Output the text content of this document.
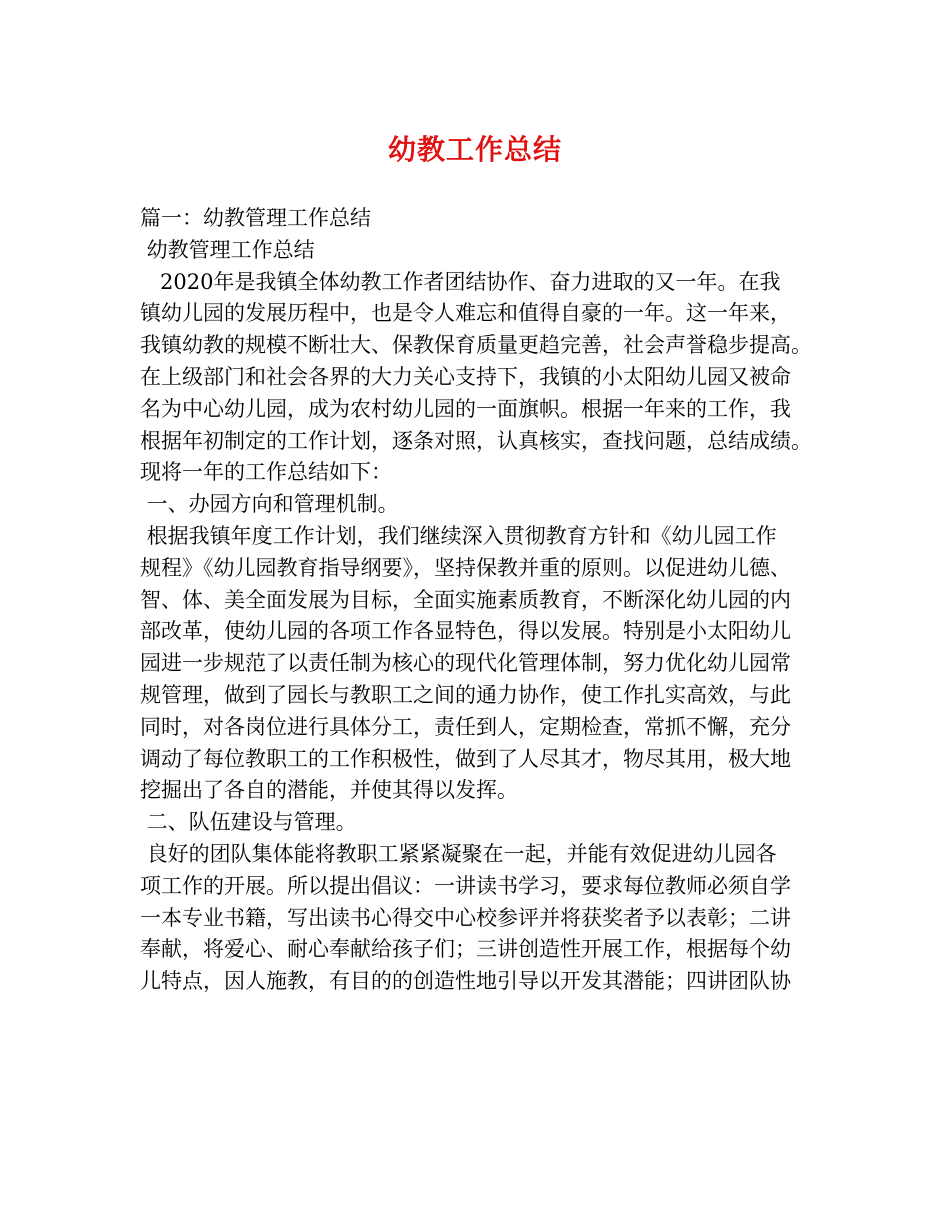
幼教工作总结
篇一：幼教管理工作总结
幼教管理工作总结
2020年是我镇全体幼教工作者团结协作、奋力进取的又一年。在我
镇幼儿园的发展历程中，也是令人难忘和值得自豪的一年。这一年来，
我镇幼教的规模不断壮大、保教保育质量更趋完善，社会声誉稳步提高。
在上级部门和社会各界的大力关心支持下，我镇的小太阳幼儿园又被命
名为中心幼儿园，成为农村幼儿园的一面旗帜。根据一年来的工作，我
根据年初制定的工作计划，逐条对照，认真核实，查找问题，总结成绩。
现将一年的工作总结如下：
一、办园方向和管理机制。
根据我镇年度工作计划，我们继续深入贯彻教育方针和《幼儿园工作
规程》《幼儿园教育指导纲要》，坚持保教并重的原则。以促进幼儿德、
智、体、美全面发展为目标，全面实施素质教育，不断深化幼儿园的内
部改革，使幼儿园的各项工作各显特色，得以发展。特别是小太阳幼儿
园进一步规范了以责任制为核心的现代化管理体制，努力优化幼儿园常
规管理，做到了园长与教职工之间的通力协作，使工作扎实高效，与此
同时，对各岗位进行具体分工，责任到人，定期检查，常抓不懈，充分
调动了每位教职工的工作积极性，做到了人尽其才，物尽其用，极大地
挖掘出了各自的潜能，并使其得以发挥。
二、队伍建设与管理。
良好的团队集体能将教职工紧紧凝聚在一起，并能有效促进幼儿园各
项工作的开展。所以提出倡议：一讲读书学习，要求每位教师必须自学
一本专业书籍，写出读书心得交中心校参评并将获奖者予以表彰；二讲
奉献，将爱心、耐心奉献给孩子们；三讲创造性开展工作，根据每个幼
儿特点，因人施教，有目的的创造性地引导以开发其潜能；四讲团队协
